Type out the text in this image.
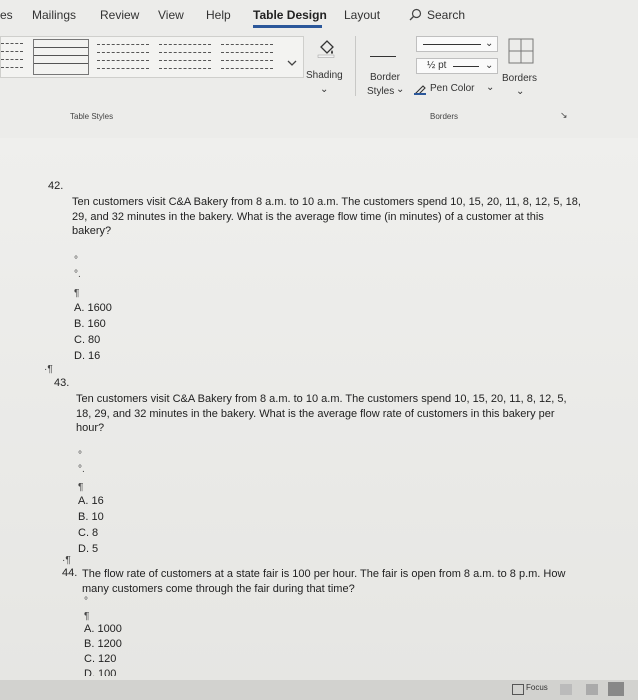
es Mailings Review View Help Table Design Layout	Search
Shading
⌄
Border
Styles ⌄
⌄
½ pt	⌄
Pen Color ⌄
Borders
⌄
Table Styles	Borders	↘
42.
Ten customers visit C&A Bakery from 8 a.m. to 10 a.m. The customers spend 10, 15, 20, 11, 8, 12, 5, 18, 29, and 32 minutes in the bakery. What is the average flow time (in minutes) of a customer at this bakery?
°
°.
¶
A. 1600
B. 160
C. 80
D. 16
·¶
43.
Ten customers visit C&A Bakery from 8 a.m. to 10 a.m. The customers spend 10, 15, 20, 11, 8, 12, 5, 18, 29, and 32 minutes in the bakery. What is the average flow rate of customers in this bakery per hour?
°
°.
¶
A. 16
B. 10
C. 8
D. 5
·¶
44. The flow rate of customers at a state fair is 100 per hour. The fair is open from 8 a.m. to 8 p.m. How many customers come through the fair during that time?
°
¶
A. 1000
B. 1200
C. 120
D. 100
Focus
